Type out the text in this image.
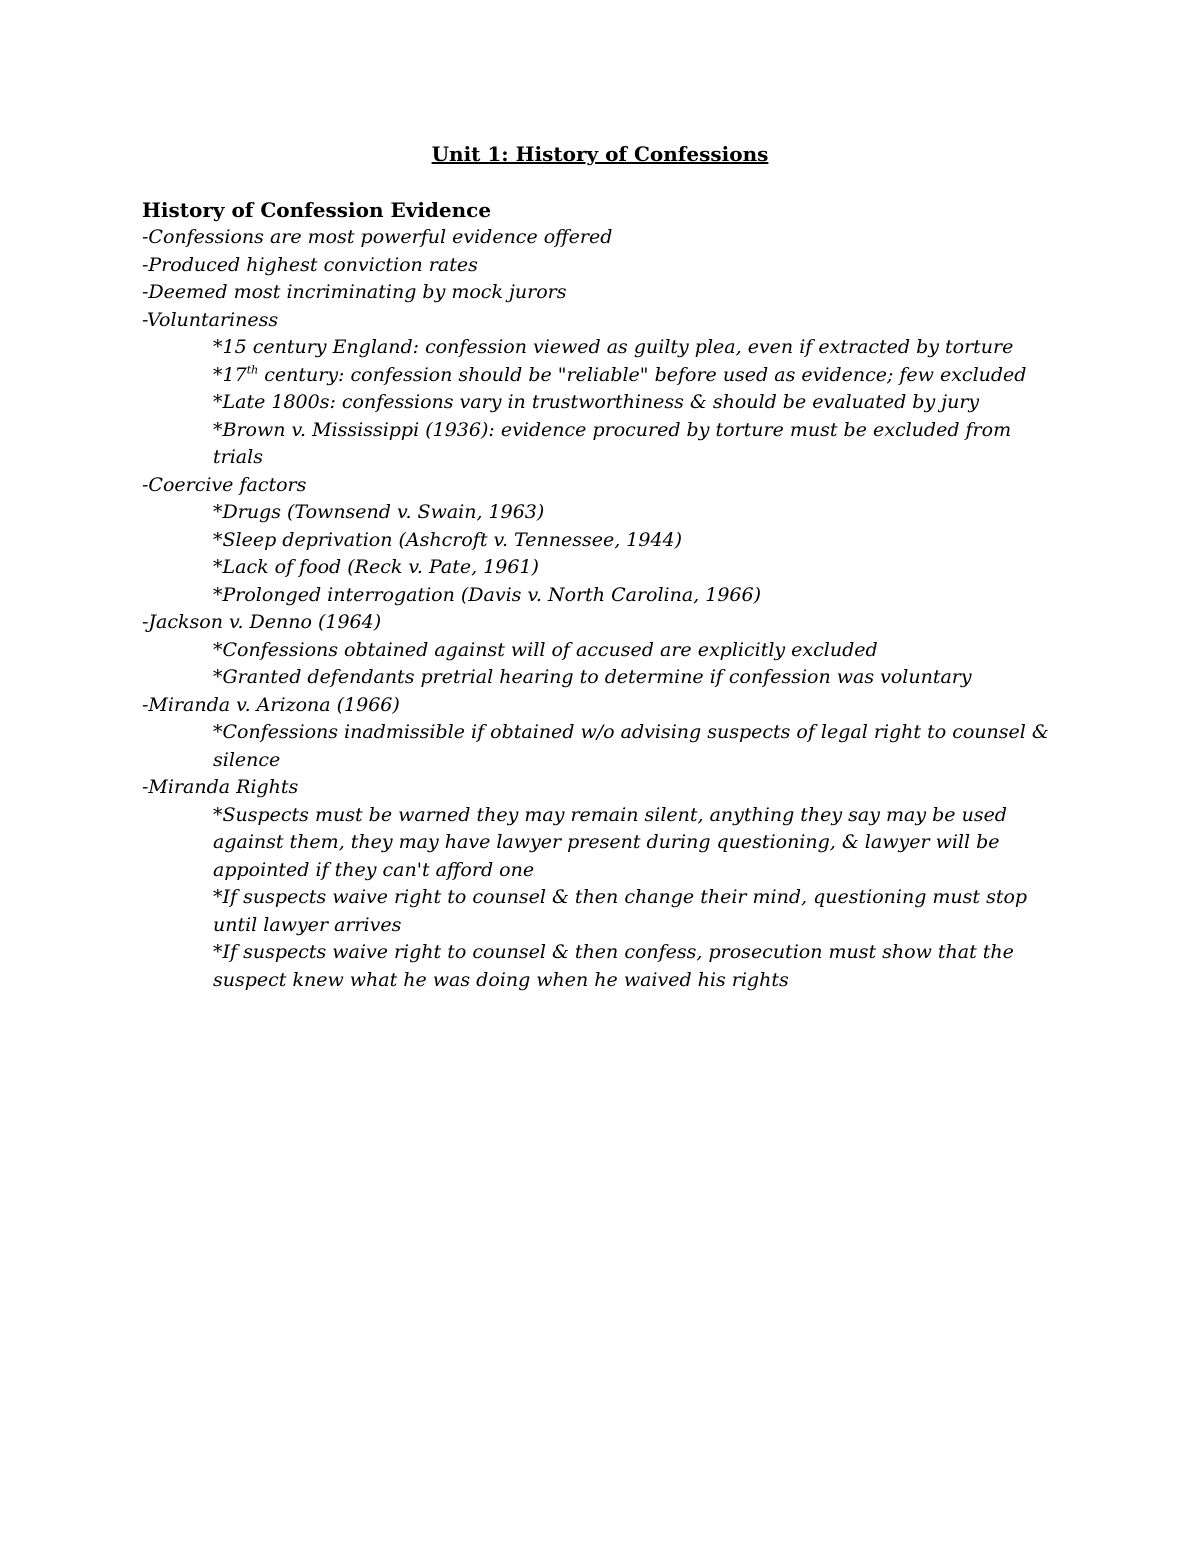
Unit 1: History of Confessions
History of Confession Evidence
-Confessions are most powerful evidence offered
-Produced highest conviction rates
-Deemed most incriminating by mock jurors
-Voluntariness
*15 century England: confession viewed as guilty plea, even if extracted by torture
*17th century: confession should be "reliable" before used as evidence; few excluded
*Late 1800s: confessions vary in trustworthiness & should be evaluated by jury
*Brown v. Mississippi (1936): evidence procured by torture must be excluded from trials
-Coercive factors
*Drugs (Townsend v. Swain, 1963)
*Sleep deprivation (Ashcroft v. Tennessee, 1944)
*Lack of food (Reck v. Pate, 1961)
*Prolonged interrogation (Davis v. North Carolina, 1966)
-Jackson v. Denno (1964)
*Confessions obtained against will of accused are explicitly excluded
*Granted defendants pretrial hearing to determine if confession was voluntary
-Miranda v. Arizona (1966)
*Confessions inadmissible if obtained w/o advising suspects of legal right to counsel & silence
-Miranda Rights
*Suspects must be warned they may remain silent, anything they say may be used against them, they may have lawyer present during questioning, & lawyer will be appointed if they can't afford one
*If suspects waive right to counsel & then change their mind, questioning must stop until lawyer arrives
*If suspects waive right to counsel & then confess, prosecution must show that the suspect knew what he was doing when he waived his rights
